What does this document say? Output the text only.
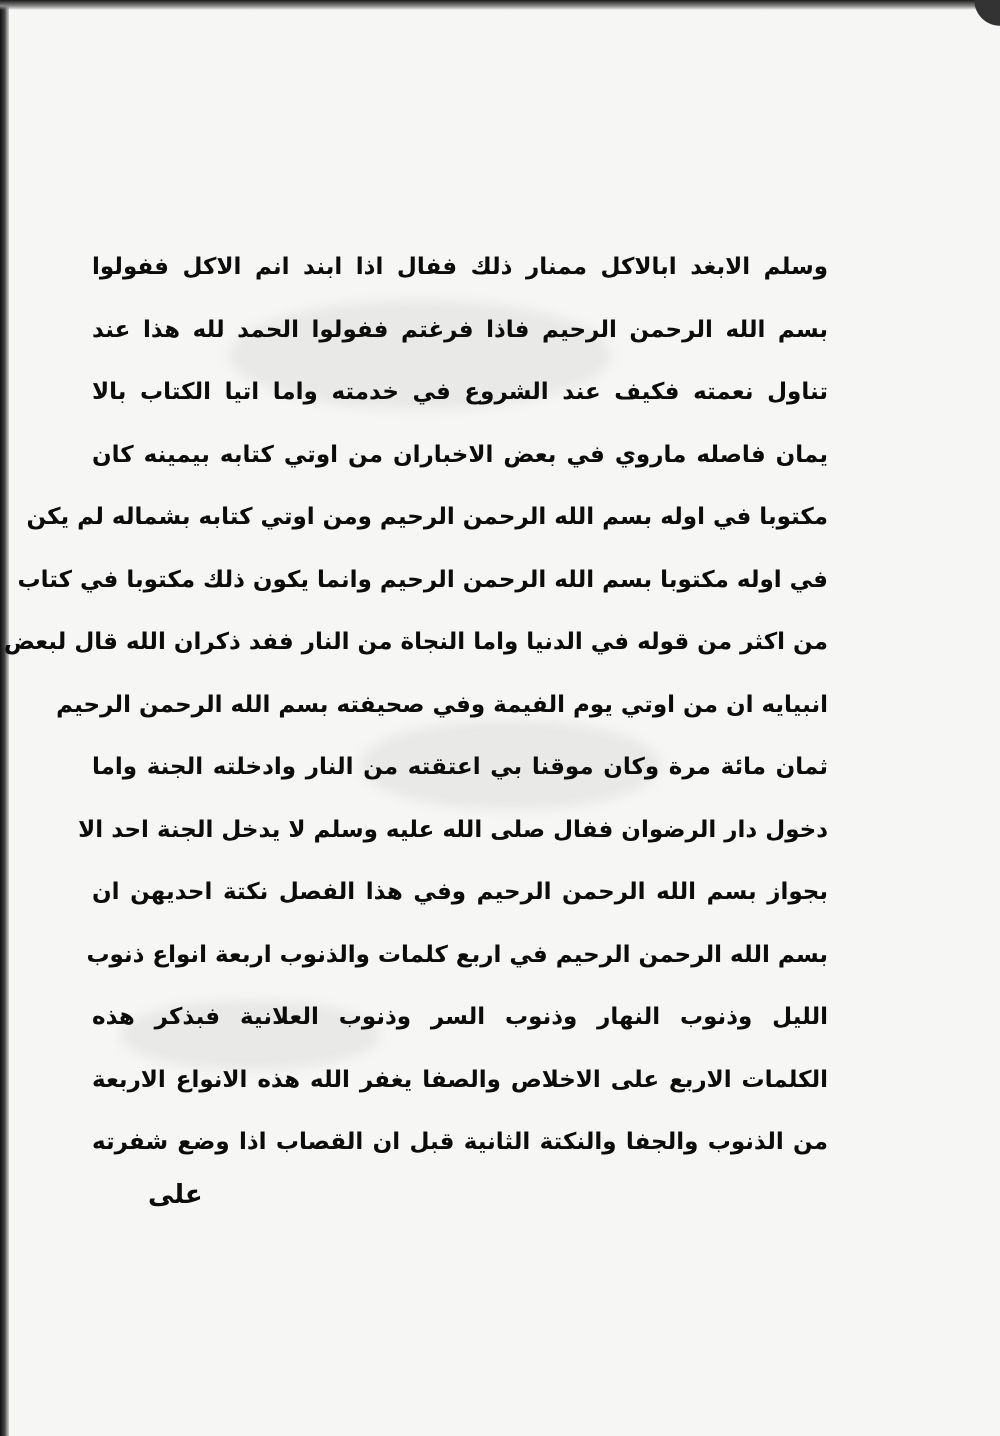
وسلم الابغد ابالاكل ممنار ذلك ففال اذا ابند انم الاكل ففولوا
بسم الله الرحمن الرحيم فاذا فرغتم ففولوا الحمد لله هذا عند
تناول نعمته فكيف عند الشروع في خدمته واما اتيا الكتاب بالا
يمان فاصله ماروي في بعض الاخباران من اوتي كتابه بيمينه كان
مكتوبا في اوله بسم الله الرحمن الرحيم ومن اوتي كتابه بشماله لم يكن
في اوله مكتوبا بسم الله الرحمن الرحيم وانما يكون ذلك مكتوبا في كتاب
من اكثر من قوله في الدنيا واما النجاة من النار ففد ذكران الله قال لبعض
انبيايه ان من اوتي يوم الفيمة وفي صحيفته بسم الله الرحمن الرحيم
ثمان مائة مرة وكان موقنا بي اعتقته من النار وادخلته الجنة واما
دخول دار الرضوان ففال صلى الله عليه وسلم لا يدخل الجنة احد الا
بجواز بسم الله الرحمن الرحيم وفي هذا الفصل نكتة احديهن ان
بسم الله الرحمن الرحيم في اربع كلمات والذنوب اربعة انواع ذنوب
الليل وذنوب النهار وذنوب السر وذنوب العلانية فبذكر هذه
الكلمات الاربع على الاخلاص والصفا يغفر الله هذه الانواع الاربعة
من الذنوب والجفا والنكتة الثانية قبل ان القصاب اذا وضع شفرته
على
